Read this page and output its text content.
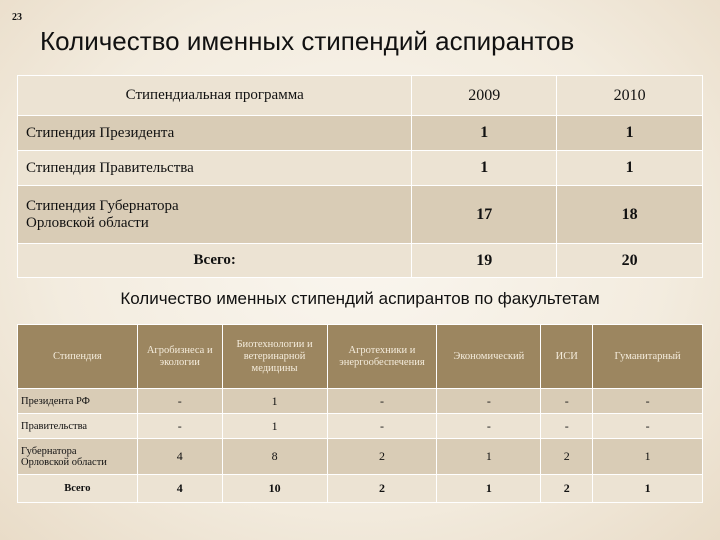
23
Количество именных стипендий аспирантов
Стипендиальная программа	2009	2010
Стипендия Президента	1	1
Стипендия Правительства	1	1

Стипендия Губернатора
Орловской области	17	18
Всего:	19	20
Количество именных стипендий аспирантов по факультетам
Стипендия	Агробизнеса и экологии	Биотехнологии и ветеринарной медицины	Агротехники и энергообеспечения	Экономический	ИСИ	Гуманитарный
Президента РФ	-	1	-	-	-	-
Правительства	-	1	-	-	-	-

Губернатора
Орловской области	4	8	2	1	2	1
Всего	4	10	2	1	2	1
